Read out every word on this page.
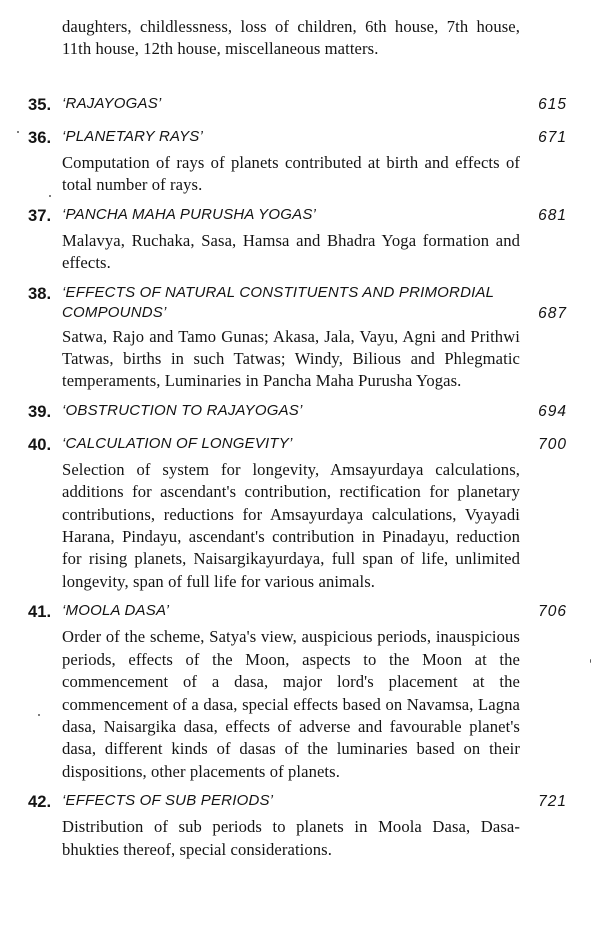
daughters, childlessness, loss of children, 6th house, 7th house, 11th house, 12th house, miscellaneous matters.
35. ‘RAJAYOGAS’	615
36. ‘PLANETARY RAYS’	671
Computation of rays of planets contributed at birth and effects of total number of rays.
37. ‘PANCHA MAHA PURUSHA YOGAS’	681
Malavya, Ruchaka, Sasa, Hamsa and Bhadra Yoga formation and effects.
38. ‘EFFECTS OF NATURAL CONSTITUENTS AND PRIMORDIAL COMPOUNDS’	687
Satwa, Rajo and Tamo Gunas; Akasa, Jala, Vayu, Agni and Prithwi Tatwas, births in such Tatwas; Windy, Bilious and Phlegmatic temperaments, Luminaries in Pancha Maha Purusha Yogas.
39. ‘OBSTRUCTION TO RAJAYOGAS’	694
40. ‘CALCULATION OF LONGEVITY’	700
Selection of system for longevity, Amsayurdaya calculations, additions for ascendant's contribution, rectification for planetary contributions, reductions for Amsayurdaya calculations, Vyayadi Harana, Pindayu, ascendant's contribution in Pinadayu, reduction for rising planets, Naisargikayurdaya, full span of life, unlimited longevity, span of full life for various animals.
41. ‘MOOLA DASA’	706
Order of the scheme, Satya's view, auspicious periods, inauspicious periods, effects of the Moon, aspects to the Moon at the commencement of a dasa, major lord's placement at the commencement of a dasa, special effects based on Navamsa, Lagna dasa, Naisargika dasa, effects of adverse and favourable planet's dasa, different kinds of dasas of the luminaries based on their dispositions, other placements of planets.
42. ‘EFFECTS OF SUB PERIODS’	721
Distribution of sub periods to planets in Moola Dasa, Dasa-bhukties thereof, special considerations.
